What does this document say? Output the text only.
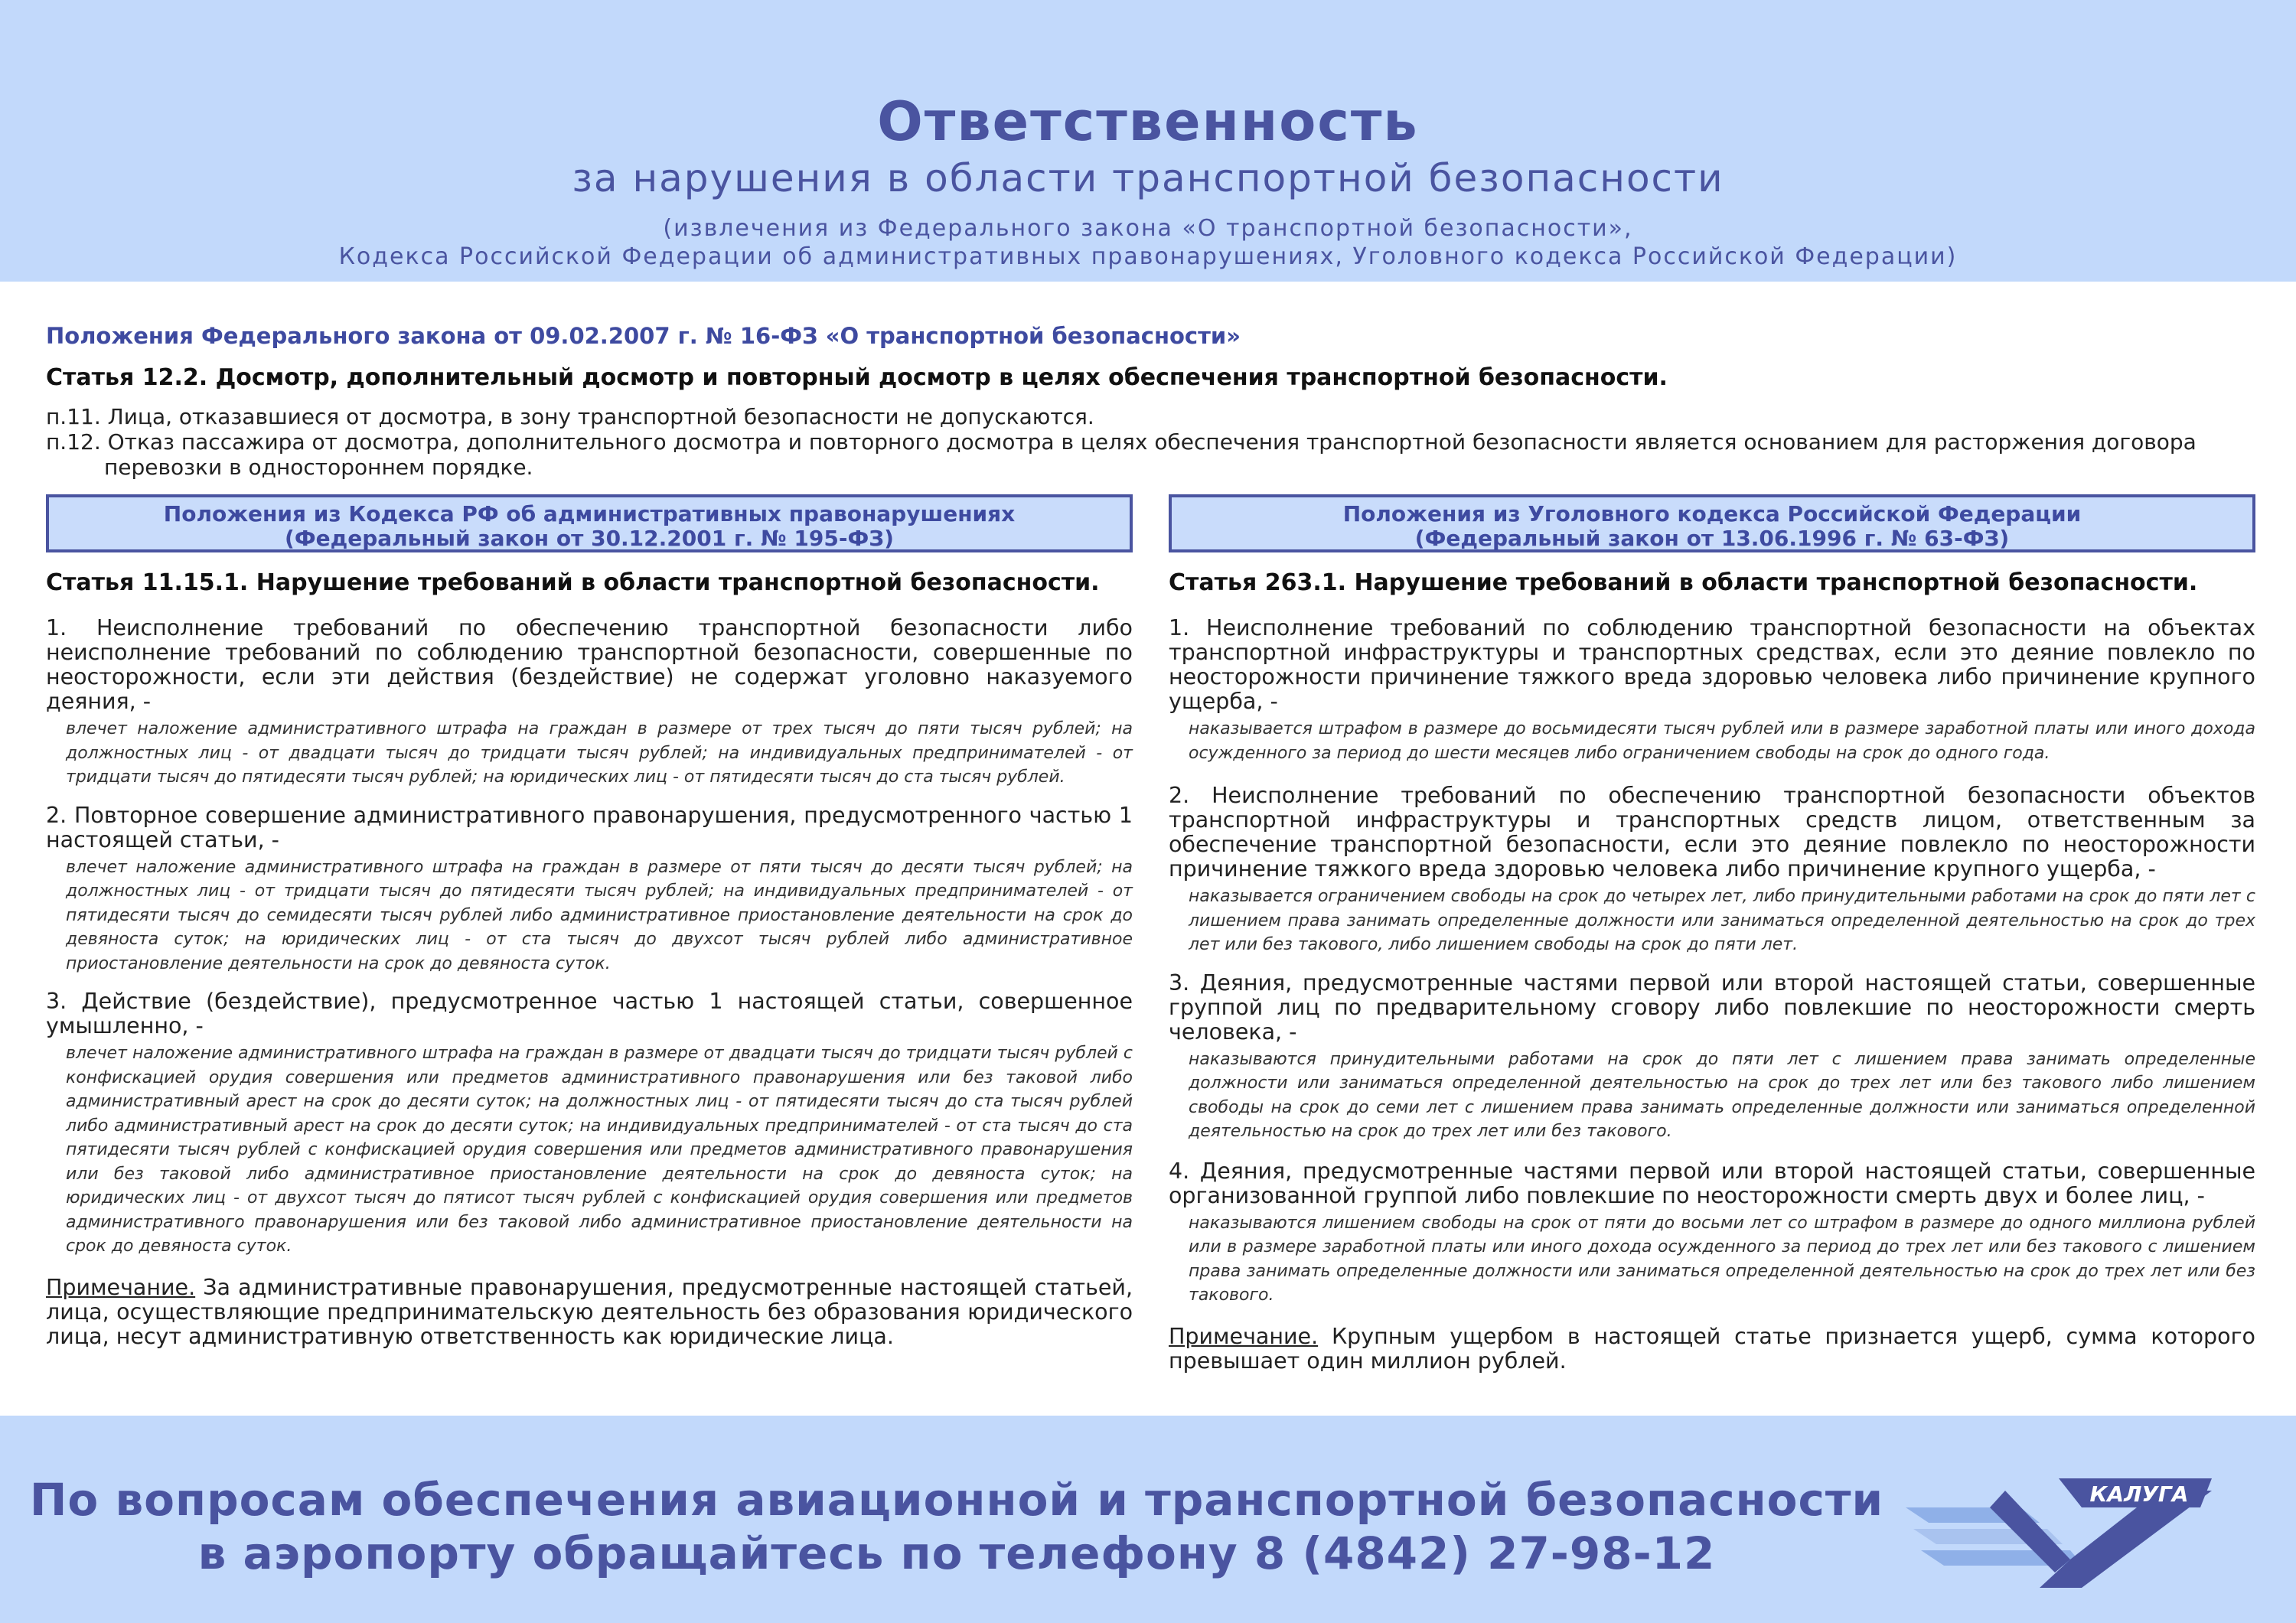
Ответственность
за нарушения в области транспортной безопасности
(извлечения из Федерального закона «О транспортной безопасности»,
Кодекса Российской Федерации об административных правонарушениях, Уголовного кодекса Российской Федерации)
Положения Федерального закона от 09.02.2007 г. № 16-ФЗ «О транспортной безопасности»
Статья 12.2. Досмотр, дополнительный досмотр и повторный досмотр в целях обеспечения транспортной безопасности.
п.11. Лица, отказавшиеся от досмотра, в зону транспортной безопасности не допускаются.
п.12. Отказ пассажира от досмотра, дополнительного досмотра и повторного досмотра в целях обеспечения транспортной безопасности является основанием для расторжения договора
перевозки в одностороннем порядке.
Положения из Кодекса РФ об административных правонарушениях
(Федеральный закон от 30.12.2001 г. № 195-ФЗ)
Статья 11.15.1. Нарушение требований в области транспортной безопасности.
1. Неисполнение требований по обеспечению транспортной безопасности либо неисполнение требований по соблюдению транспортной безопасности, совершенные по неосторожности, если эти действия (бездействие) не содержат уголовно наказуемого деяния, -
влечет наложение административного штрафа на граждан в размере от трех тысяч до пяти тысяч рублей; на должностных лиц - от двадцати тысяч до тридцати тысяч рублей; на индивидуальных предпринимателей - от тридцати тысяч до пятидесяти тысяч рублей; на юридических лиц - от пятидесяти тысяч до ста тысяч рублей.
2. Повторное совершение административного правонарушения, предусмотренного частью 1 настоящей статьи, -
влечет наложение административного штрафа на граждан в размере от пяти тысяч до десяти тысяч рублей; на должностных лиц - от тридцати тысяч до пятидесяти тысяч рублей; на индивидуальных предпринимателей - от пятидесяти тысяч до семидесяти тысяч рублей либо административное приостановление деятельности на срок до девяноста суток; на юридических лиц - от ста тысяч до двухсот тысяч рублей либо административное приостановление деятельности на срок до девяноста суток.
3. Действие (бездействие), предусмотренное частью 1 настоящей статьи, совершенное умышленно, -
влечет наложение административного штрафа на граждан в размере от двадцати тысяч до тридцати тысяч рублей с конфискацией орудия совершения или предметов административного правонарушения или без таковой либо административный арест на срок до десяти суток; на должностных лиц - от пятидесяти тысяч до ста тысяч рублей либо административный арест на срок до десяти суток; на индивидуальных предпринимателей - от ста тысяч до ста пятидесяти тысяч рублей с конфискацией орудия совершения или предметов административного правонарушения или без таковой либо административное приостановление деятельности на срок до девяноста суток; на юридических лиц - от двухсот тысяч до пятисот тысяч рублей с конфискацией орудия совершения или предметов административного правонарушения или без таковой либо административное приостановление деятельности на срок до девяноста суток.
Примечание. За административные правонарушения, предусмотренные настоящей статьей, лица, осуществляющие предпринимательскую деятельность без образования юридического лица, несут административную ответственность как юридические лица.
Положения из Уголовного кодекса Российской Федерации
(Федеральный закон от 13.06.1996 г. № 63-ФЗ)
Статья 263.1. Нарушение требований в области транспортной безопасности.
1. Неисполнение требований по соблюдению транспортной безопасности на объектах транспортной инфраструктуры и транспортных средствах, если это деяние повлекло по неосторожности причинение тяжкого вреда здоровью человека либо причинение крупного ущерба, -
наказывается штрафом в размере до восьмидесяти тысяч рублей или в размере заработной платы или иного дохода осужденного за период до шести месяцев либо ограничением свободы на срок до одного года.
2. Неисполнение требований по обеспечению транспортной безопасности объектов транспортной инфраструктуры и транспортных средств лицом, ответственным за обеспечение транспортной безопасности, если это деяние повлекло по неосторожности причинение тяжкого вреда здоровью человека либо причинение крупного ущерба, -
наказывается ограничением свободы на срок до четырех лет, либо принудительными работами на срок до пяти лет с лишением права занимать определенные должности или заниматься определенной деятельностью на срок до трех лет или без такового, либо лишением свободы на срок до пяти лет.
3. Деяния, предусмотренные частями первой или второй настоящей статьи, совершенные группой лиц по предварительному сговору либо повлекшие по неосторожности смерть человека, -
наказываются принудительными работами на срок до пяти лет с лишением права занимать определенные должности или заниматься определенной деятельностью на срок до трех лет или без такового либо лишением свободы на срок до семи лет с лишением права занимать определенные должности или заниматься определенной деятельностью на срок до трех лет или без такового.
4. Деяния, предусмотренные частями первой или второй настоящей статьи, совершенные организованной группой либо повлекшие по неосторожности смерть двух и более лиц, -
наказываются лишением свободы на срок от пяти до восьми лет со штрафом в размере до одного миллиона рублей или в размере заработной платы или иного дохода осужденного за период до трех лет или без такового с лишением права занимать определенные должности или заниматься определенной деятельностью на срок до трех лет или без такового.
Примечание. Крупным ущербом в настоящей статье признается ущерб, сумма которого превышает один миллион рублей.
По вопросам обеспечения авиационной и транспортной безопасности
в аэропорту обращайтесь по телефону 8 (4842) 27-98-12
КАЛУГА
